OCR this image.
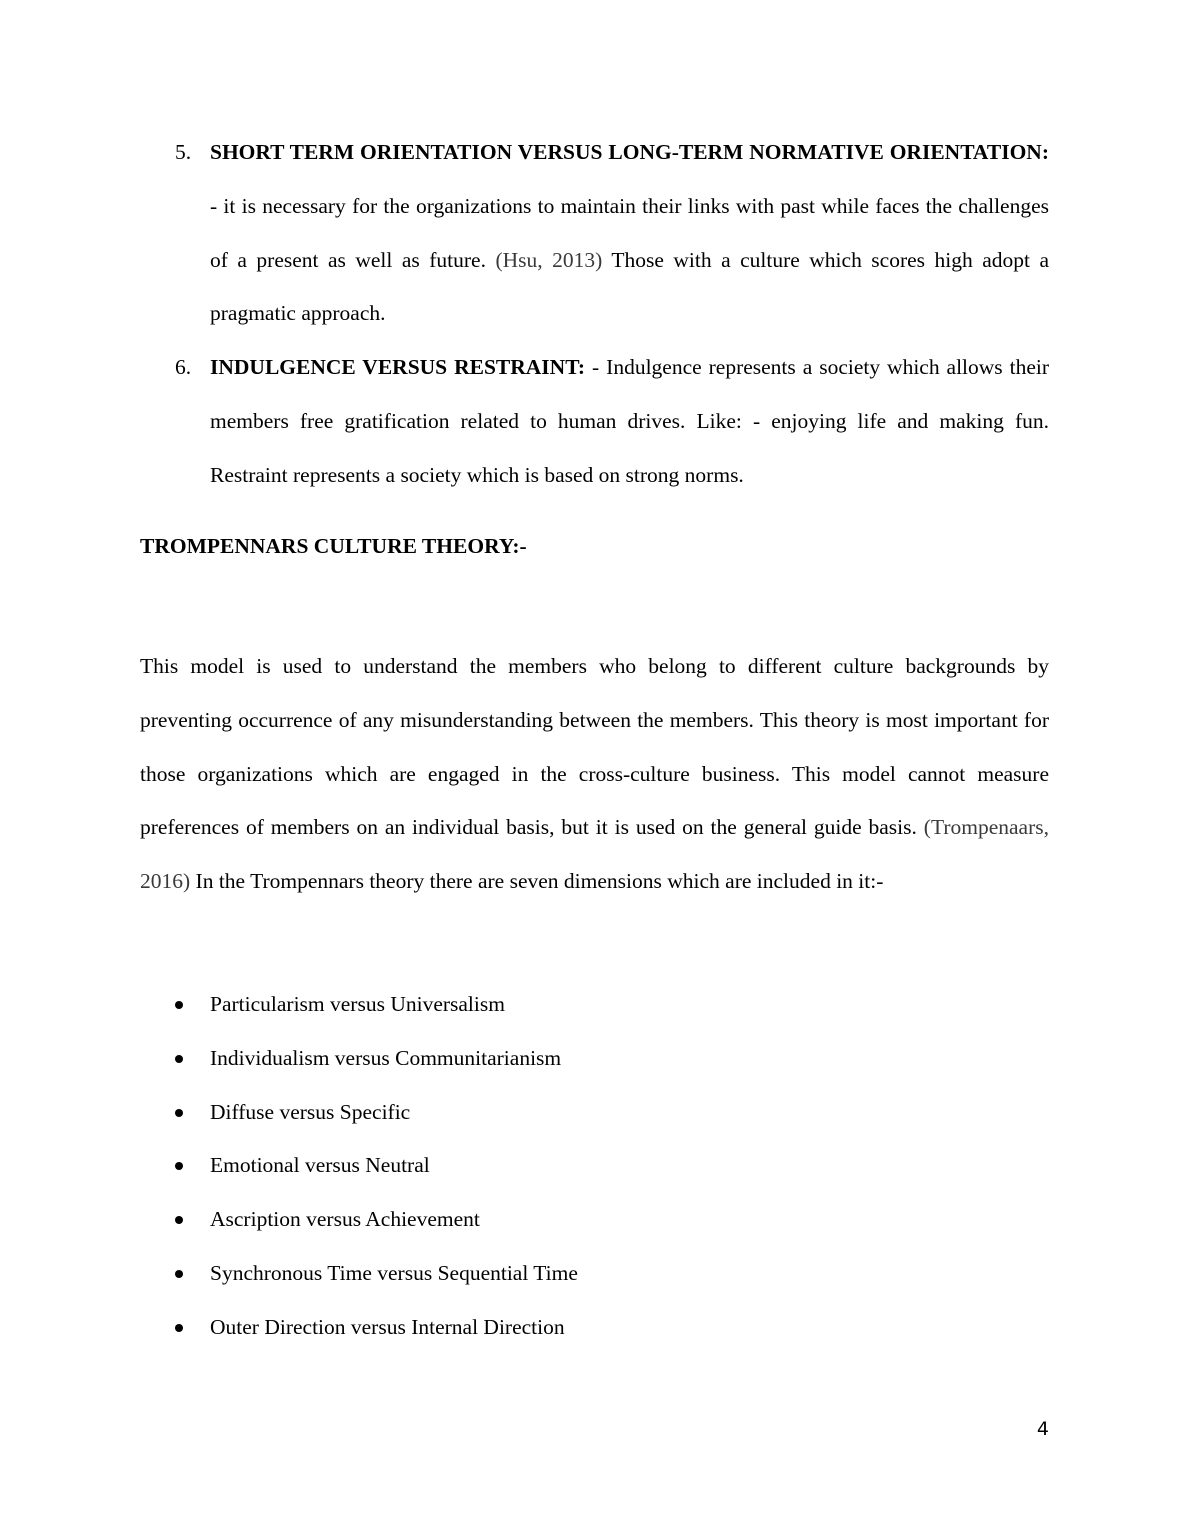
5. SHORT TERM ORIENTATION VERSUS LONG-TERM NORMATIVE ORIENTATION: - it is necessary for the organizations to maintain their links with past while faces the challenges of a present as well as future. (Hsu, 2013) Those with a culture which scores high adopt a pragmatic approach.
6. INDULGENCE VERSUS RESTRAINT: - Indulgence represents a society which allows their members free gratification related to human drives. Like: - enjoying life and making fun. Restraint represents a society which is based on strong norms.
TROMPENNARS CULTURE THEORY:-
This model is used to understand the members who belong to different culture backgrounds by preventing occurrence of any misunderstanding between the members. This theory is most important for those organizations which are engaged in the cross-culture business. This model cannot measure preferences of members on an individual basis, but it is used on the general guide basis. (Trompenaars, 2016) In the Trompennars theory there are seven dimensions which are included in it:-
Particularism versus Universalism
Individualism versus Communitarianism
Diffuse versus Specific
Emotional versus Neutral
Ascription versus Achievement
Synchronous Time versus Sequential Time
Outer Direction versus Internal Direction
4
